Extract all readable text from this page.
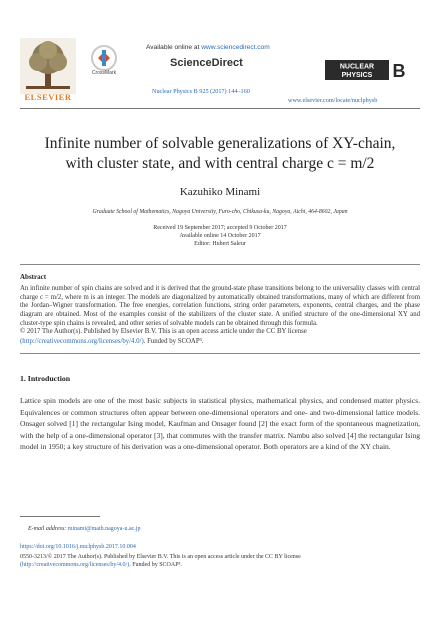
ELSEVIER
CrossMark
Available online at www.sciencedirect.com
ScienceDirect
Nuclear Physics B 925 (2017) 144–160
NUCLEAR
PHYSICS B
www.elsevier.com/locate/nuclphysb
Infinite number of solvable generalizations of XY-chain,
with cluster state, and with central charge c = m/2
Kazuhiko Minami
Graduate School of Mathematics, Nagoya University, Furo-cho, Chikusa-ku, Nagoya, Aichi, 464-8602, Japan
Received 19 September 2017; accepted 9 October 2017
Available online 14 October 2017
Editor: Hubert Saleur
Abstract
An infinite number of spin chains are solved and it is derived that the ground-state phase transitions belong to the universality classes with central charge c = m/2, where m is an integer. The models are diagonalized by automatically obtained transformations, many of which are different from the Jordan–Wigner transformation. The free energies, correlation functions, string order parameters, exponents, central charges, and the phase diagram are obtained. Most of the examples consist of the stabilizers of the cluster state. A unified structure of the one-dimensional XY and cluster-type spin chains is revealed, and other series of solvable models can be obtained through this formula.
© 2017 The Author(s). Published by Elsevier B.V. This is an open access article under the CC BY license
(http://creativecommons.org/licenses/by/4.0/). Funded by SCOAP³.
1. Introduction
Lattice spin models are one of the most basic subjects in statistical physics, mathematical physics, and condensed matter physics. Equivalences or common structures often appear between one-dimensional operators and one- and two-dimensional lattice models. Onsager solved [1] the rectangular Ising model, Kaufman and Onsager found [2] the exact form of the spontaneous magnetization, with the help of a one-dimensional operator [3], that commutes with the transfer matrix. Nambu also solved [4] the rectangular Ising model in 1950; a key structure of his derivation was a one-dimensional operator. Both operators are a kind of the XY chain.
E-mail address: minami@math.nagoya-u.ac.jp
https://doi.org/10.1016/j.nuclphysb.2017.10.004
0550-3213/© 2017 The Author(s). Published by Elsevier B.V. This is an open access article under the CC BY license
(http://creativecommons.org/licenses/by/4.0/). Funded by SCOAP³.
